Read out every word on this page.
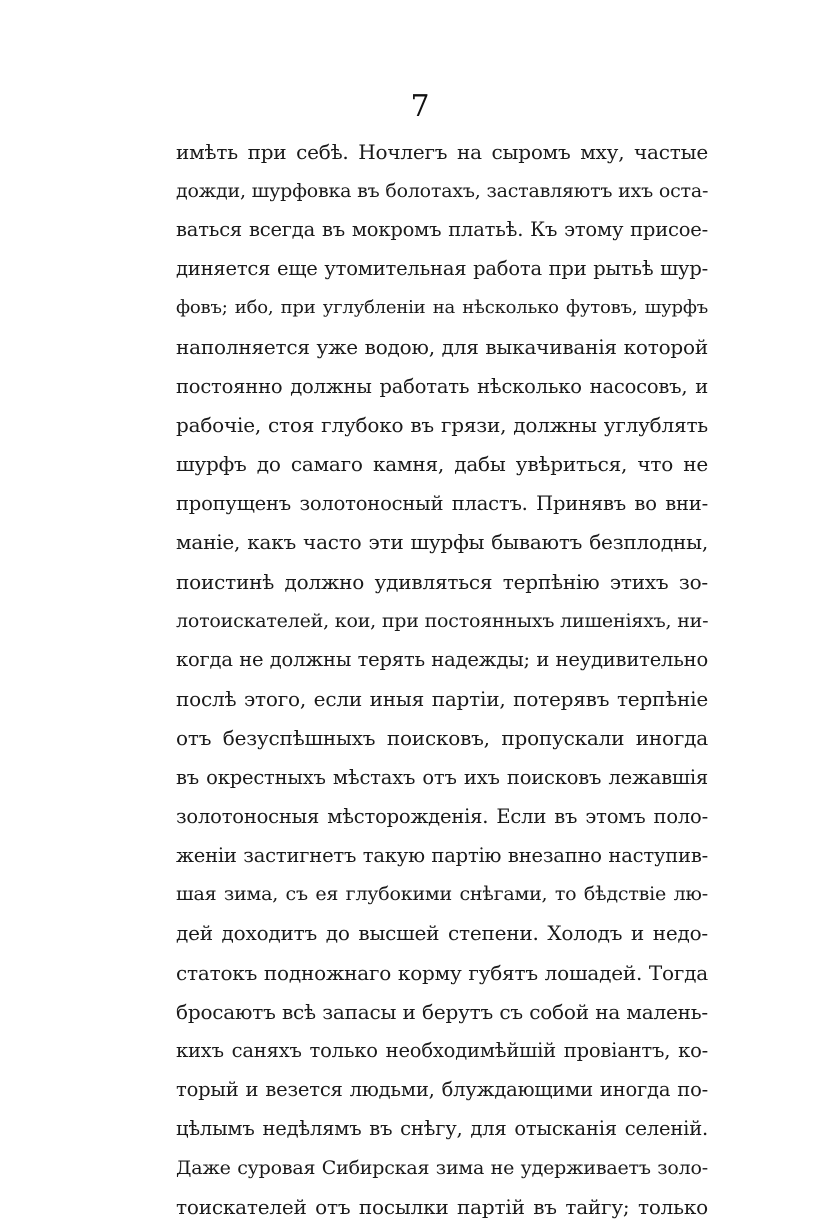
7
имѣть при себѣ. Ночлегъ на сыромъ мху, частые
дожди, шурфовка въ болотахъ, заставляютъ ихъ оста-
ваться всегда въ мокромъ платьѣ. Къ этому присое-
диняется еще утомительная работа при рытьѣ шур-
фовъ; ибо, при углубленіи на нѣсколько футовъ, шурфъ
наполняется уже водою, для выкачиванія которой
постоянно должны работать нѣсколько насосовъ, и
рабочіе, стоя глубоко въ грязи, должны углублять
шурфъ до самаго камня, дабы увѣриться, что не
пропущенъ золотоносный пластъ. Принявъ во вни-
маніе, какъ часто эти шурфы бываютъ безплодны,
поистинѣ должно удивляться терпѣнію этихъ зо-
лотоискателей, кои, при постоянныхъ лишеніяхъ, ни-
когда не должны терять надежды; и неудивительно
послѣ этого, если иныя партіи, потерявъ терпѣніе
отъ безуспѣшныхъ поисковъ, пропускали иногда
въ окрестныхъ мѣстахъ отъ ихъ поисковъ лежавшія
золотоносныя мѣсторожденія. Если въ этомъ поло-
женіи застигнетъ такую партію внезапно наступив-
шая зима, съ ея глубокими снѣгами, то бѣдствіе лю-
дей доходитъ до высшей степени. Холодъ и недо-
статокъ подножнаго корму губятъ лошадей. Тогда
бросаютъ всѣ запасы и берутъ съ собой на малень-
кихъ саняхъ только необходимѣйшій провіантъ, ко-
торый и везется людьми, блуждающими иногда по-
цѣлымъ недѣлямъ въ снѣгу, для отысканія селеній.
Даже суровая Сибирская зима не удерживаетъ золо-
тоискателей отъ посылки партій въ тайгу; только
